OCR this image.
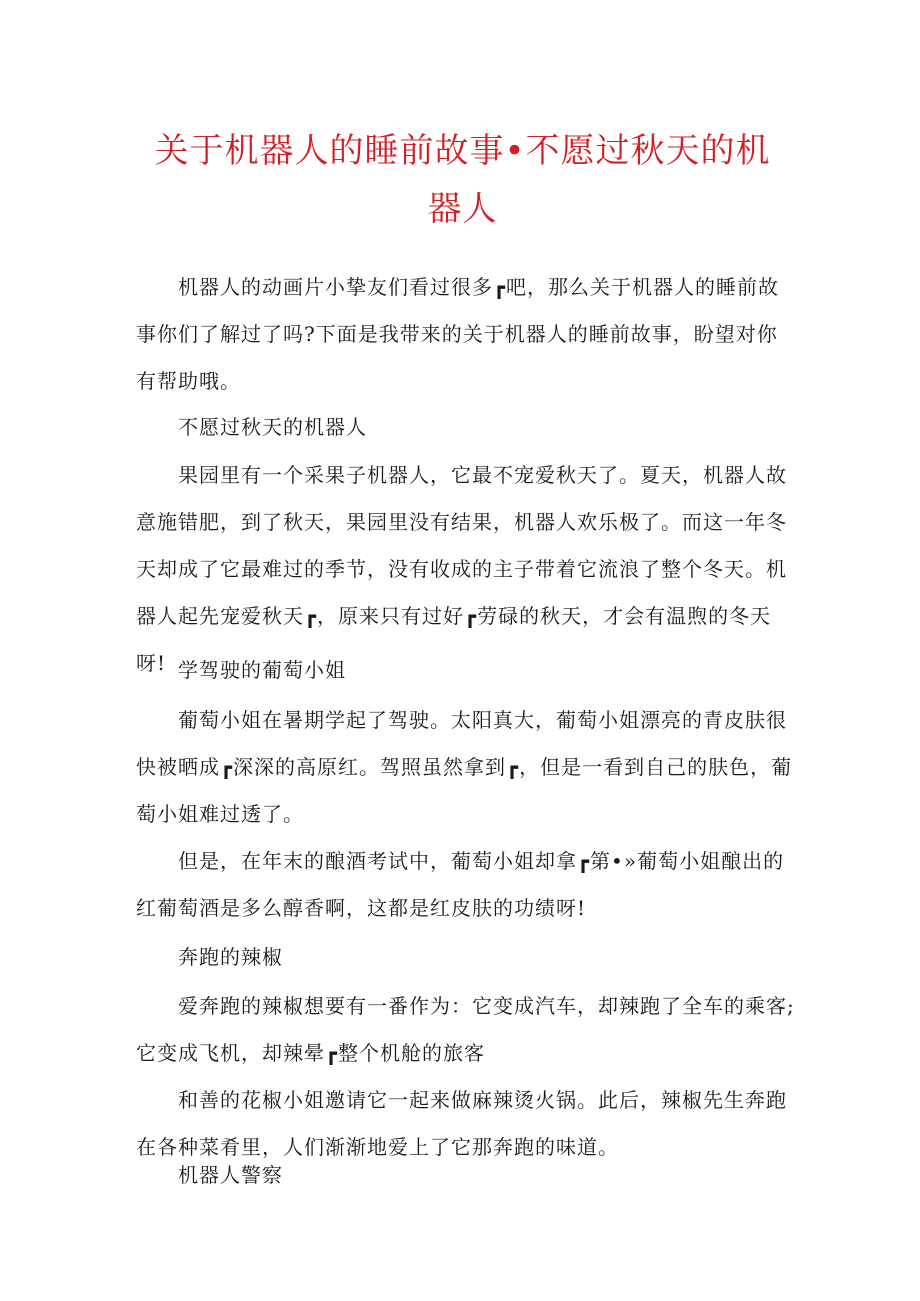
关于机器人的睡前故事•不愿过秋天的机器人

机器人的动画片小挚友们看过很多┏吧，那么关于机器人的睡前故事你们了解过了吗?下面是我带来的关于机器人的睡前故事，盼望对你有帮助哦。

不愿过秋天的机器人

果园里有一个采果子机器人，它最不宠爱秋天了。夏天，机器人故意施错肥，到了秋天，果园里没有结果，机器人欢乐极了。而这一年冬天却成了它最难过的季节，没有收成的主子带着它流浪了整个冬天。机器人起先宠爱秋天┏，原来只有过好┏劳碌的秋天，才会有温煦的冬天呀! 学驾驶的葡萄小姐

葡萄小姐在暑期学起了驾驶。太阳真大，葡萄小姐漂亮的青皮肤很快被晒成┏深深的高原红。驾照虽然拿到┏，但是一看到自己的肤色，葡萄小姐难过透了。

但是，在年末的酿酒考试中，葡萄小姐却拿┏第•»葡萄小姐酿出的红葡萄酒是多么醇香啊，这都是红皮肤的功绩呀!

奔跑的辣椒

爱奔跑的辣椒想要有一番作为：它变成汽车，却辣跑了全车的乘客;它变成飞机，却辣晕┏整个机舱的旅客

和善的花椒小姐邀请它一起来做麻辣烫火锅。此后，辣椒先生奔跑在各种菜肴里，人们渐渐地爱上了它那奔跑的味道。

机器人警察
